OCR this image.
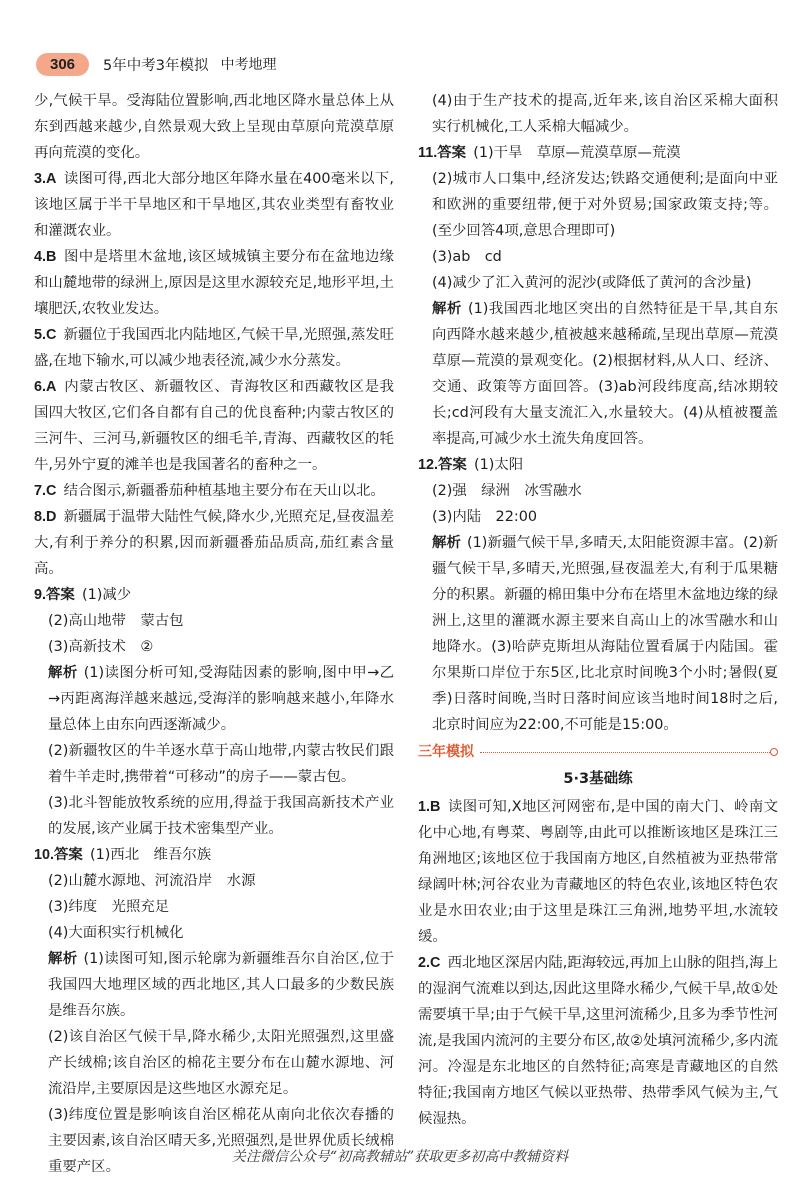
306	5年中考3年模拟 中考地理

少,气候干旱。受海陆位置影响,西北地区降水量总体上从东到西越来越少,自然景观大致上呈现由草原向荒漠草原再向荒漠的变化。

3.A  读图可得,西北大部分地区年降水量在400毫米以下,该地区属于半干旱地区和干旱地区,其农业类型有畜牧业和灌溉农业。

4.B  图中是塔里木盆地,该区域城镇主要分布在盆地边缘和山麓地带的绿洲上,原因是这里水源较充足,地形平坦,土壤肥沃,农牧业发达。

5.C  新疆位于我国西北内陆地区,气候干旱,光照强,蒸发旺盛,在地下输水,可以减少地表径流,减少水分蒸发。

6.A  内蒙古牧区、新疆牧区、青海牧区和西藏牧区是我国四大牧区,它们各自都有自己的优良畜种;内蒙古牧区的三河牛、三河马,新疆牧区的细毛羊,青海、西藏牧区的牦牛,另外宁夏的滩羊也是我国著名的畜种之一。

7.C  结合图示,新疆番茄种植基地主要分布在天山以北。

8.D  新疆属于温带大陆性气候,降水少,光照充足,昼夜温差大,有利于养分的积累,因而新疆番茄品质高,茄红素含量高。

9.答案  (1)减少

(2)高山地带　蒙古包

(3)高新技术　②

解析 (1)读图分析可知,受海陆因素的影响,图中甲→乙→丙距离海洋越来越远,受海洋的影响越来越小,年降水量总体上由东向西逐渐减少。

(2)新疆牧区的牛羊逐水草于高山地带,内蒙古牧民们跟着牛羊走时,携带着“可移动”的房子——蒙古包。

(3)北斗智能放牧系统的应用,得益于我国高新技术产业的发展,该产业属于技术密集型产业。

10.答案  (1)西北　维吾尔族

(2)山麓水源地、河流沿岸　水源

(3)纬度　光照充足

(4)大面积实行机械化

解析 (1)读图可知,图示轮廓为新疆维吾尔自治区,位于我国四大地理区域的西北地区,其人口最多的少数民族是维吾尔族。

(2)该自治区气候干旱,降水稀少,太阳光照强烈,这里盛产长绒棉;该自治区的棉花主要分布在山麓水源地、河流沿岸,主要原因是这些地区水源充足。

(3)纬度位置是影响该自治区棉花从南向北依次春播的主要因素,该自治区晴天多,光照强烈,是世界优质长绒棉重要产区。

(4)由于生产技术的提高,近年来,该自治区采棉大面积实行机械化,工人采棉大幅减少。

11.答案  (1)干旱　草原—荒漠草原—荒漠

(2)城市人口集中,经济发达;铁路交通便利;是面向中亚和欧洲的重要纽带,便于对外贸易;国家政策支持;等。(至少回答4项,意思合理即可)

(3)ab　cd

(4)减少了汇入黄河的泥沙(或降低了黄河的含沙量)

解析 (1)我国西北地区突出的自然特征是干旱,其自东向西降水越来越少,植被越来越稀疏,呈现出草原—荒漠草原—荒漠的景观变化。(2)根据材料,从人口、经济、交通、政策等方面回答。(3)ab河段纬度高,结冰期较长;cd河段有大量支流汇入,水量较大。(4)从植被覆盖率提高,可减少水土流失角度回答。

12.答案  (1)太阳

(2)强　绿洲　冰雪融水

(3)内陆　22:00

解析 (1)新疆气候干旱,多晴天,太阳能资源丰富。(2)新疆气候干旱,多晴天,光照强,昼夜温差大,有利于瓜果糖分的积累。新疆的棉田集中分布在塔里木盆地边缘的绿洲上,这里的灌溉水源主要来自高山上的冰雪融水和山地降水。(3)哈萨克斯坦从海陆位置看属于内陆国。霍尔果斯口岸位于东5区,比北京时间晚3个小时;暑假(夏季)日落时间晚,当时日落时间应该当地时间18时之后,北京时间应为22:00,不可能是15:00。

三年模拟
5·3基础练

1.B  读图可知,X地区河网密布,是中国的南大门、岭南文化中心地,有粤菜、粤剧等,由此可以推断该地区是珠江三角洲地区;该地区位于我国南方地区,自然植被为亚热带常绿阔叶林;河谷农业为青藏地区的特色农业,该地区特色农业是水田农业;由于这里是珠江三角洲,地势平坦,水流较缓。

2.C  西北地区深居内陆,距海较远,再加上山脉的阻挡,海上的湿润气流难以到达,因此这里降水稀少,气候干旱,故①处需要填干旱;由于气候干旱,这里河流稀少,且多为季节性河流,是我国内流河的主要分布区,故②处填河流稀少,多内流河。冷湿是东北地区的自然特征;高寒是青藏地区的自然特征;我国南方地区气候以亚热带、热带季风气候为主,气候湿热。

关注微信公众号“初高教辅站”获取更多初高中教辅资料
